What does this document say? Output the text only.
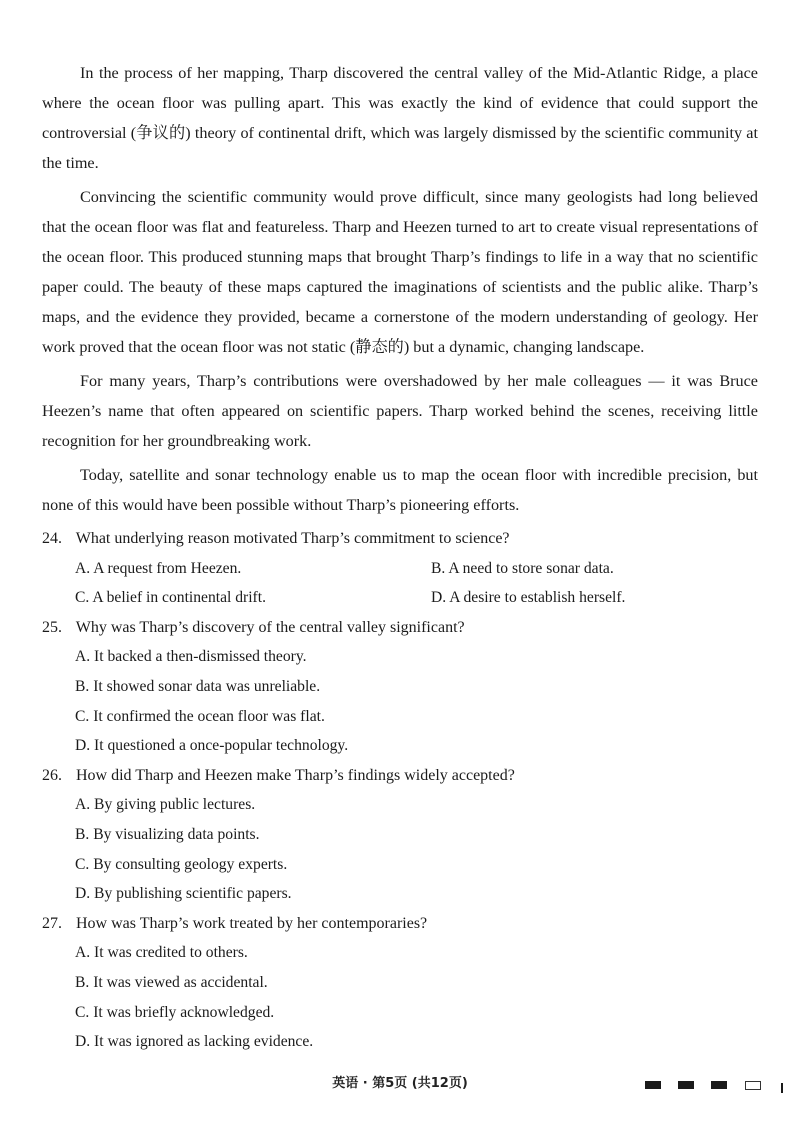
In the process of her mapping, Tharp discovered the central valley of the Mid-Atlantic Ridge, a place where the ocean floor was pulling apart. This was exactly the kind of evidence that could support the controversial (争议的) theory of continental drift, which was largely dismissed by the scientific community at the time.

Convincing the scientific community would prove difficult, since many geologists had long believed that the ocean floor was flat and featureless. Tharp and Heezen turned to art to create visual representations of the ocean floor. This produced stunning maps that brought Tharp’s findings to life in a way that no scientific paper could. The beauty of these maps captured the imaginations of scientists and the public alike. Tharp’s maps, and the evidence they provided, became a cornerstone of the modern understanding of geology. Her work proved that the ocean floor was not static (静态的) but a dynamic, changing landscape.

For many years, Tharp’s contributions were overshadowed by her male colleagues — it was Bruce Heezen’s name that often appeared on scientific papers. Tharp worked behind the scenes, receiving little recognition for her groundbreaking work.

Today, satellite and sonar technology enable us to map the ocean floor with incredible precision, but none of this would have been possible without Tharp’s pioneering efforts.

24. What underlying reason motivated Tharp’s commitment to science?
A. A request from Heezen.	B. A need to store sonar data.
C. A belief in continental drift.	D. A desire to establish herself.
25. Why was Tharp’s discovery of the central valley significant?
A. It backed a then-dismissed theory.
B. It showed sonar data was unreliable.
C. It confirmed the ocean floor was flat.
D. It questioned a once-popular technology.
26. How did Tharp and Heezen make Tharp’s findings widely accepted?
A. By giving public lectures.
B. By visualizing data points.
C. By consulting geology experts.
D. By publishing scientific papers.
27. How was Tharp’s work treated by her contemporaries?
A. It was credited to others.
B. It was viewed as accidental.
C. It was briefly acknowledged.
D. It was ignored as lacking evidence.
英语 · 第5页 (共12页)
